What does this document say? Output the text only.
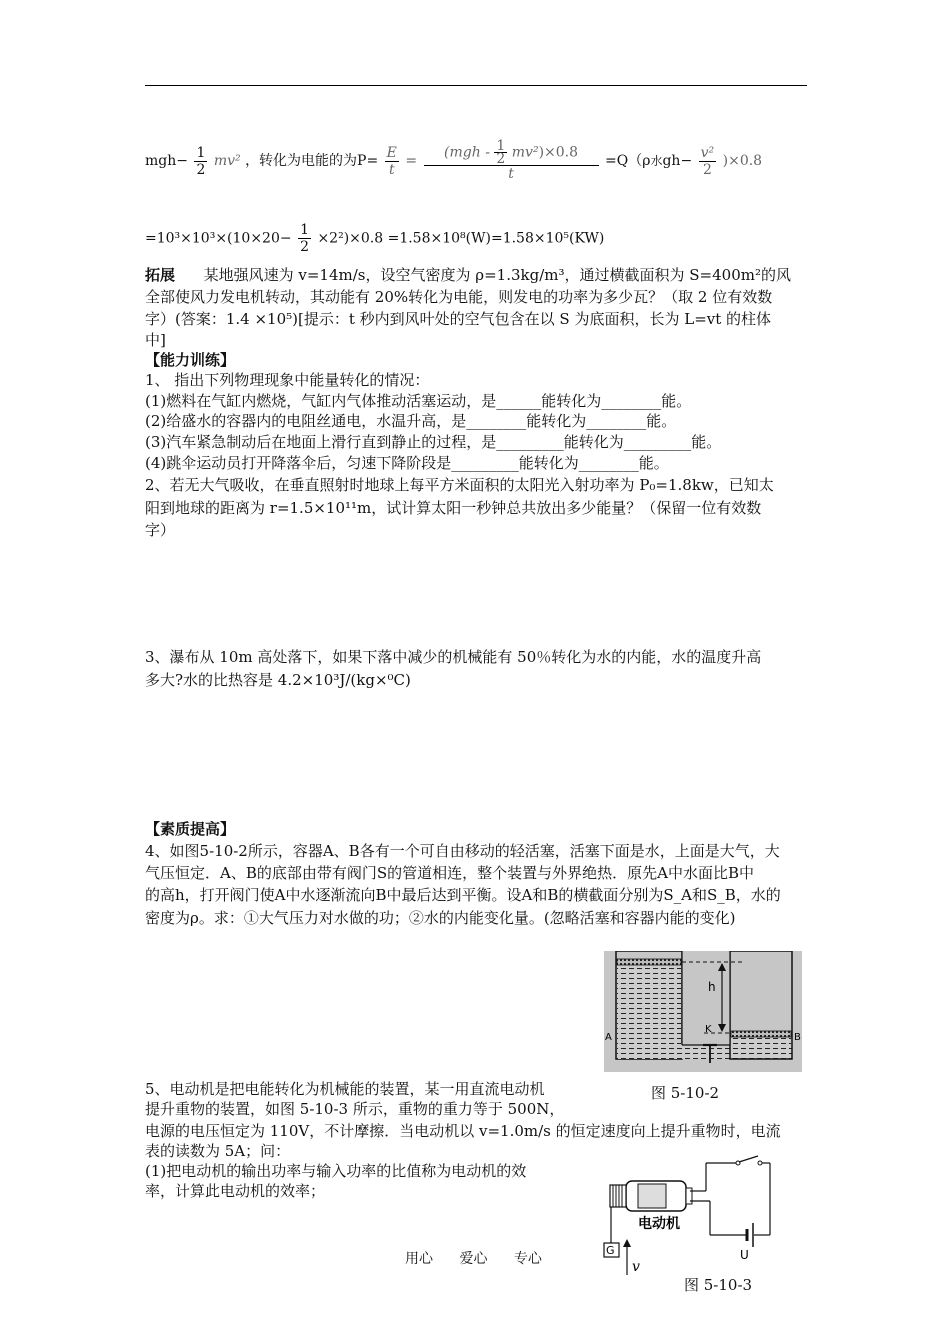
$mgh- \frac{1}{2} mv^2$ ，转化为电能的为$P= \frac{E}{t} = \frac{(mgh - \frac{1}{2} mv^2)\times 0.8}{t} =Q(\rho$水$gh- \frac{\text{v²}}{2} )\times 0.8$
$=10^3\times 10^3\times(10\times 20- \frac{1}{2} \times 2^2)\times 0.8 =1.58\times 10^8(W)=1.58\times 10^5(KW)$
拓展 某地强风速为 v=14m/s，设空气密度为 ρ=1.3kg/m³，通过横截面积为 S=400m²的风
全部使风力发电机转动，其动能有 20%转化为电能，则发电的功率为多少瓦？（取 2 位有效数
字）(答案：1.4 ×10⁵)[提示：t 秒内到风叶处的空气包含在以 S 为底面积，长为 L=vt 的柱体
中]
【能力训练】
1、 指出下列物理现象中能量转化的情况：
(1)燃料在气缸内燃烧，气缸内气体推动活塞运动，是______能转化为________能。
(2)给盛水的容器内的电阻丝通电，水温升高，是________能转化为________能。
(3)汽车紧急制动后在地面上滑行直到静止的过程，是_________能转化为_________能。
(4)跳伞运动员打开降落伞后，匀速下降阶段是_________能转化为________能。
2、若无大气吸收，在垂直照射时地球上每平方米面积的太阳光入射功率为 P₀=1.8kw，已知太
阳到地球的距离为 r=1.5×10¹¹m，试计算太阳一秒钟总共放出多少能量？（保留一位有效数
字）
3、瀑布从 10m 高处落下，如果下落中减少的机械能有 50％转化为水的内能，水的温度升高
多大?水的比热容是 4.2×10³J/(kg×⁰C)
【素质提高】
4、如图5-10-2所示，容器A、B各有一个可自由移动的轻活塞，活塞下面是水，上面是大气，大
气压恒定．A、B的底部由带有阀门S的管道相连，整个装置与外界绝热．原先A中水面比B中
的高h，打开阀门使A中水逐渐流向B中最后达到平衡。设A和B的横截面分别为S_A和S_B，水的
密度为ρ。求：①大气压力对水做的功；②水的内能变化量。(忽略活塞和容器内能的变化)
5、电动机是把电能转化为机械能的装置，某一用直流电动机
提升重物的装置，如图 5-10-3 所示，重物的重力等于 500N，
电源的电压恒定为 110V，不计摩擦．当电动机以 v=1.0m/s 的恒定速度向上提升重物时，电流
表的读数为 5A；问：
(1)把电动机的输出功率与输入功率的比值称为电动机的效
率，计算此电动机的效率；
h
K
A	B
图 5-10-2
G
v
电动机
U
图 5-10-3
用心 爱心 专心
